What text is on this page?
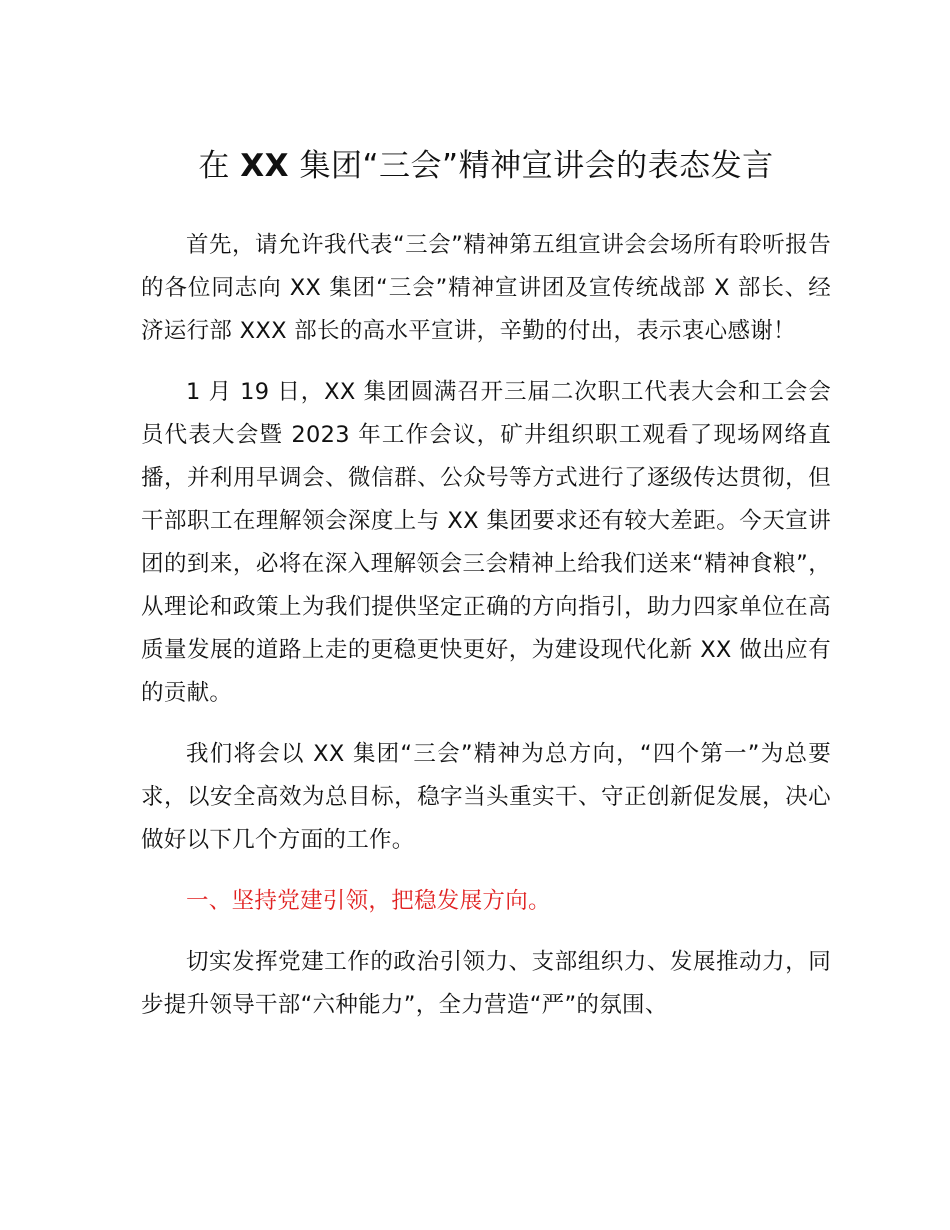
在 XX 集团“三会”精神宣讲会的表态发言

首先，请允许我代表“三会”精神第五组宣讲会会场所有聆听报告的各位同志向 XX 集团“三会”精神宣讲团及宣传统战部 X 部长、经济运行部 XXX 部长的高水平宣讲，辛勤的付出，表示衷心感谢！

1 月 19 日，XX 集团圆满召开三届二次职工代表大会和工会会员代表大会暨 2023 年工作会议，矿井组织职工观看了现场网络直播，并利用早调会、微信群、公众号等方式进行了逐级传达贯彻，但干部职工在理解领会深度上与 XX 集团要求还有较大差距。今天宣讲团的到来，必将在深入理解领会三会精神上给我们送来“精神食粮”，从理论和政策上为我们提供坚定正确的方向指引，助力四家单位在高质量发展的道路上走的更稳更快更好，为建设现代化新 XX 做出应有的贡献。

我们将会以 XX 集团“三会”精神为总方向，“四个第一”为总要求，以安全高效为总目标，稳字当头重实干、守正创新促发展，决心做好以下几个方面的工作。

一、坚持党建引领，把稳发展方向。

切实发挥党建工作的政治引领力、支部组织力、发展推动力，同步提升领导干部“六种能力”，全力营造“严”的氛围、
